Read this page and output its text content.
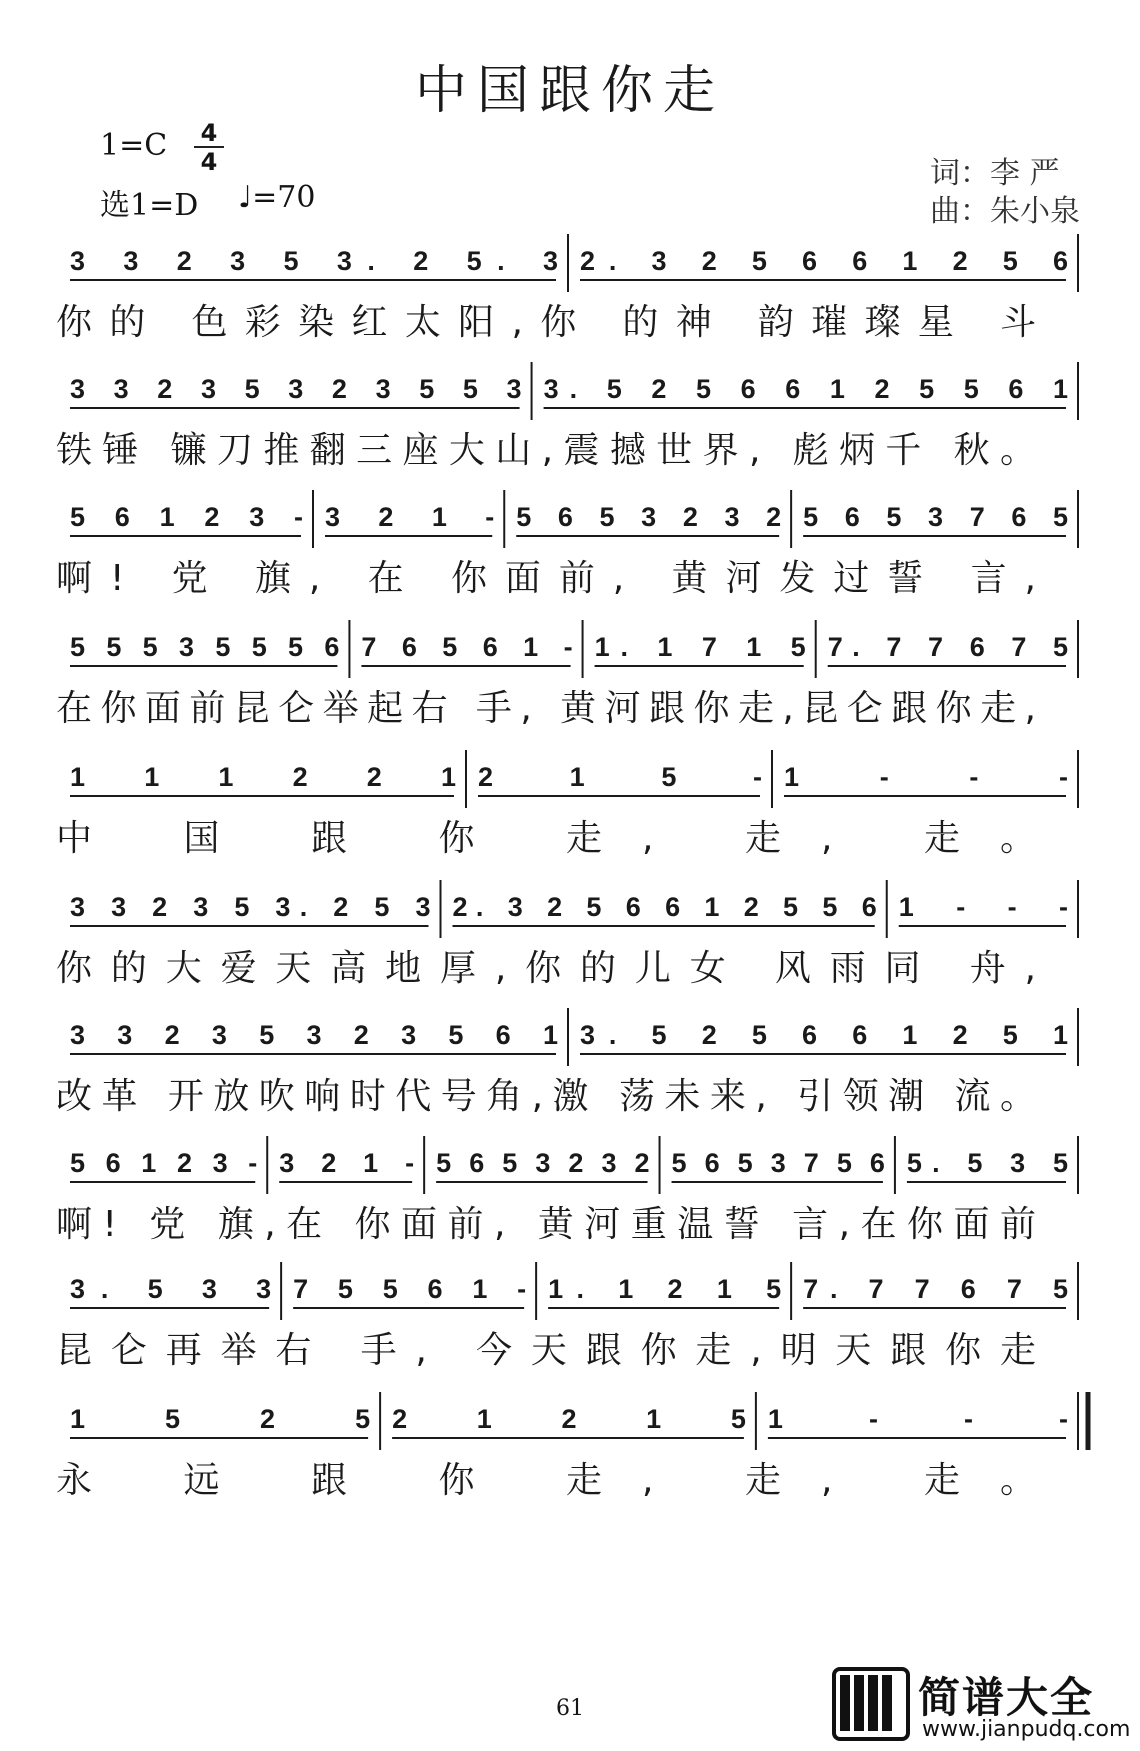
中国跟你走
$1=C \frac{4}{4}$
选1=D ♩=70
词：李 严
曲：朱小泉
3 3 2 3 5 3. 2 5. 3 2. 3 2 5 6 6 1 2 5 6
你的 色彩染红太阳,你 的神 韵璀璨星 斗
3 3 2 3 5 3 2 3 5 5 3 3. 5 2 5 6 6 1 2 5 5 6 1
铁锤 镰刀推翻三座大山,震撼世界, 彪炳千 秋。
5 6 1 2 3 - 3 2 1 - 5 6 5 3 2 3 2 5 6 5 3 7 6 5
啊! 党 旗, 在 你面前, 黄河发过誓 言,
5 5 5 3 5 5 5 6 7 6 5 6 1 - 1. 1 7 1 5 7. 7 7 6 7 5
在你面前昆仑举起右 手, 黄河跟你走,昆仑跟你走,
1 1 1 2 2 1 2 1 5 - 1 - - -
中 国 跟 你 走, 走, 走。
3 3 2 3 5 3. 2 5 3 2. 3 2 5 6 6 1 2 5 5 6 1 - - -
你的大爱天高地厚,你的儿女 风雨同 舟,
3 3 2 3 5 3 2 3 5 6 1 3. 5 2 5 6 6 1 2 5 1
改革 开放吹响时代号角,激 荡未来, 引领潮 流。
5 6 1 2 3 - 3 2 1 - 5 6 5 3 2 3 2 5 6 5 3 7 5 6 5. 5 3 5
啊! 党 旗,在 你面前, 黄河重温誓 言,在你面前
3. 5 3 3 7 5 5 6 1 - 1. 1 2 1 5 7. 7 7 6 7 5
昆仑再举右 手, 今天跟你走,明天跟你走
1 5 2 5 2 1 2 1 5 1 - - -
永 远 跟 你 走, 走, 走。
61	简谱大全
www.jianpudq.com
